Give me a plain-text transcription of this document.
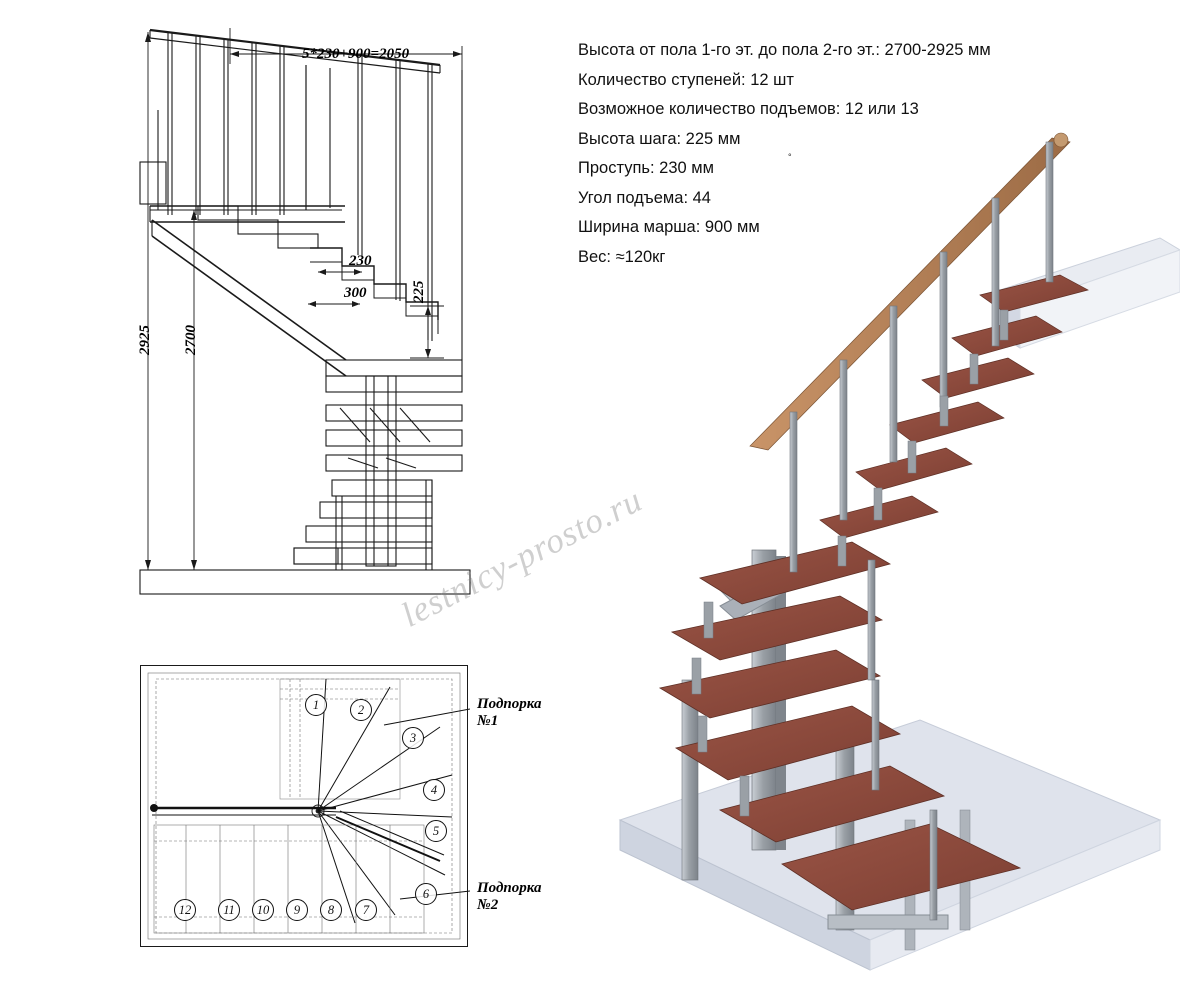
Высота от пола 1-го эт. до пола 2-го эт.: 2700-2925 мм
Количество ступеней: 12 шт
Возможное количество подъемов: 12 или 13
Высота шага: 225 мм
Проступь: 230 мм
Угол подъема: 44
Ширина марша: 900 мм
Вес: ≈120кг
°
5*230+900=2050
230
300	225
2925 2700
1	2
3
4
5
6
7
8
9
10
11
12
Подпорка
№1
Подпорка
№2
lestnicy-prosto.ru
